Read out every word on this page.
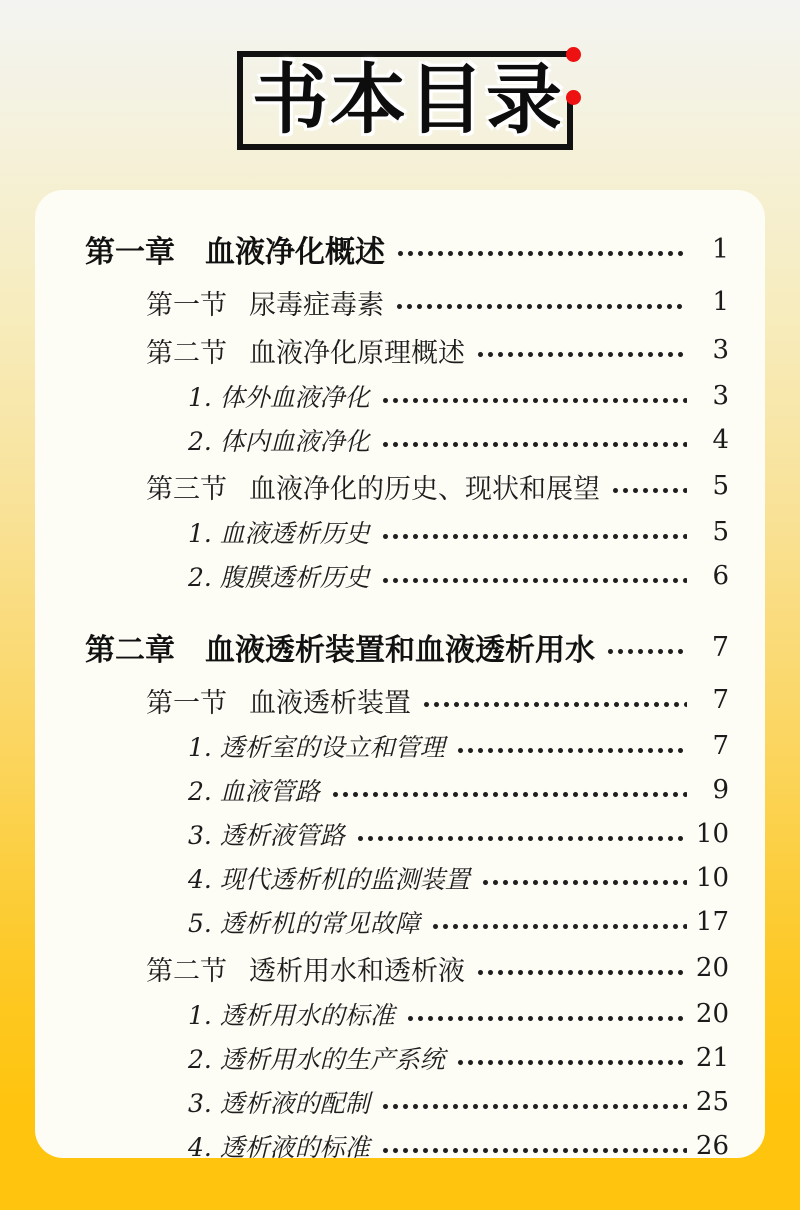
书本目录
第一章 血液净化概述	1
第一节 尿毒症毒素	1
第二节 血液净化原理概述	3
1. 体外血液净化	3
2. 体内血液净化	4
第三节 血液净化的历史、现状和展望	5
1. 血液透析历史	5
2. 腹膜透析历史	6
第二章 血液透析装置和血液透析用水	7
第一节 血液透析装置	7
1. 透析室的设立和管理	7
2. 血液管路	9
3. 透析液管路	10
4. 现代透析机的监测装置	10
5. 透析机的常见故障	17
第二节 透析用水和透析液	20
1. 透析用水的标准	20
2. 透析用水的生产系统	21
3. 透析液的配制	25
4. 透析液的标准	26
